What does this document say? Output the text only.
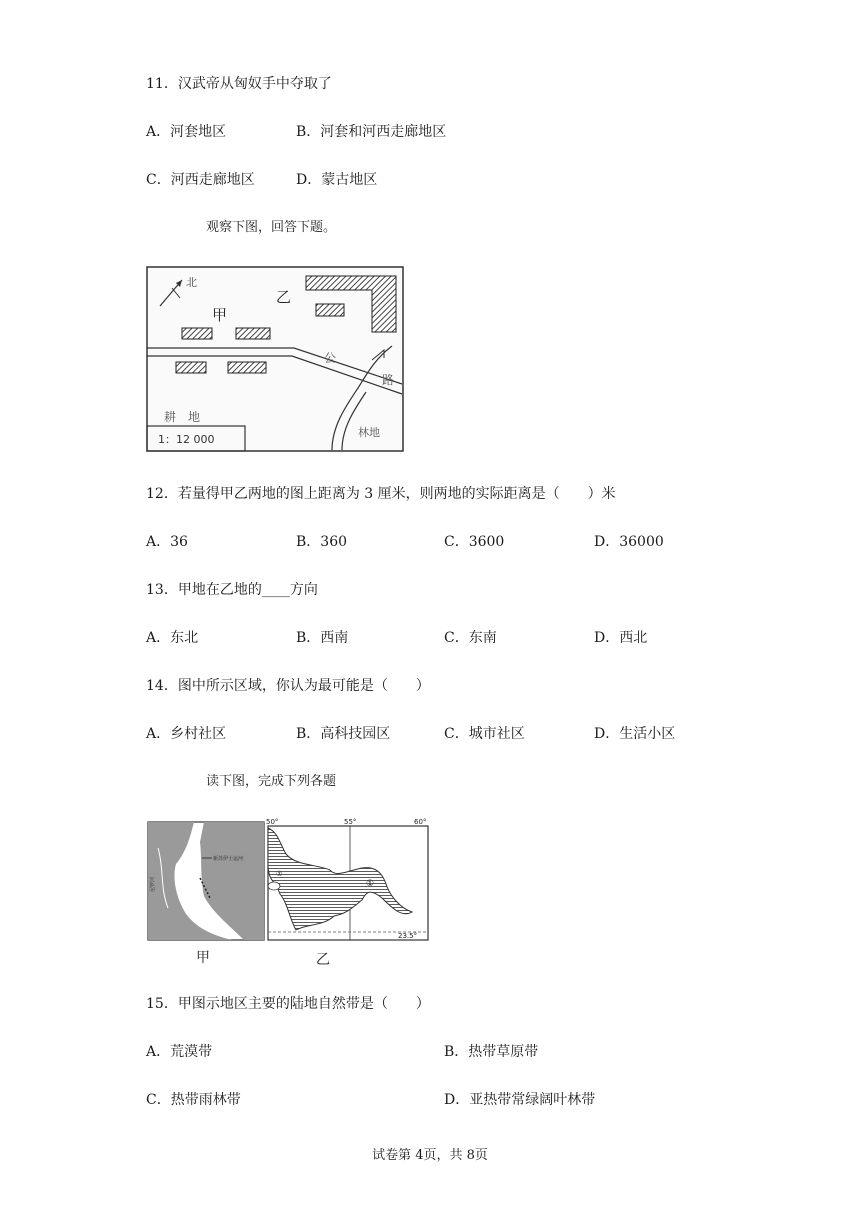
11．汉武帝从匈奴手中夺取了
A．河套地区	B．河套和河西走廊地区
C．河西走廊地区	D．蒙古地区
观察下图，回答下题。
北
甲
乙
公
路
耕　地
林地
1：12 000
12．若量得甲乙两地的图上距离为 3 厘米，则两地的实际距离是（　　）米
A．36	B．360	C．3600	D．36000
13．甲地在乙地的____方向
A．东北	B．西南	C．东南	D．西北
14．图中所示区域，你认为最可能是（　　）
A．乡村社区	B．高科技园区	C．城市社区	D．生活小区
读下图，完成下列各题
尼罗河
新苏伊士运河
甲
②
①
50°	55°	60°
23.5°
乙
15．甲图示地区主要的陆地自然带是（　　）
A．荒漠带	B．热带草原带
C．热带雨林带	D．亚热带常绿阔叶林带
试卷第 4页，共 8页
